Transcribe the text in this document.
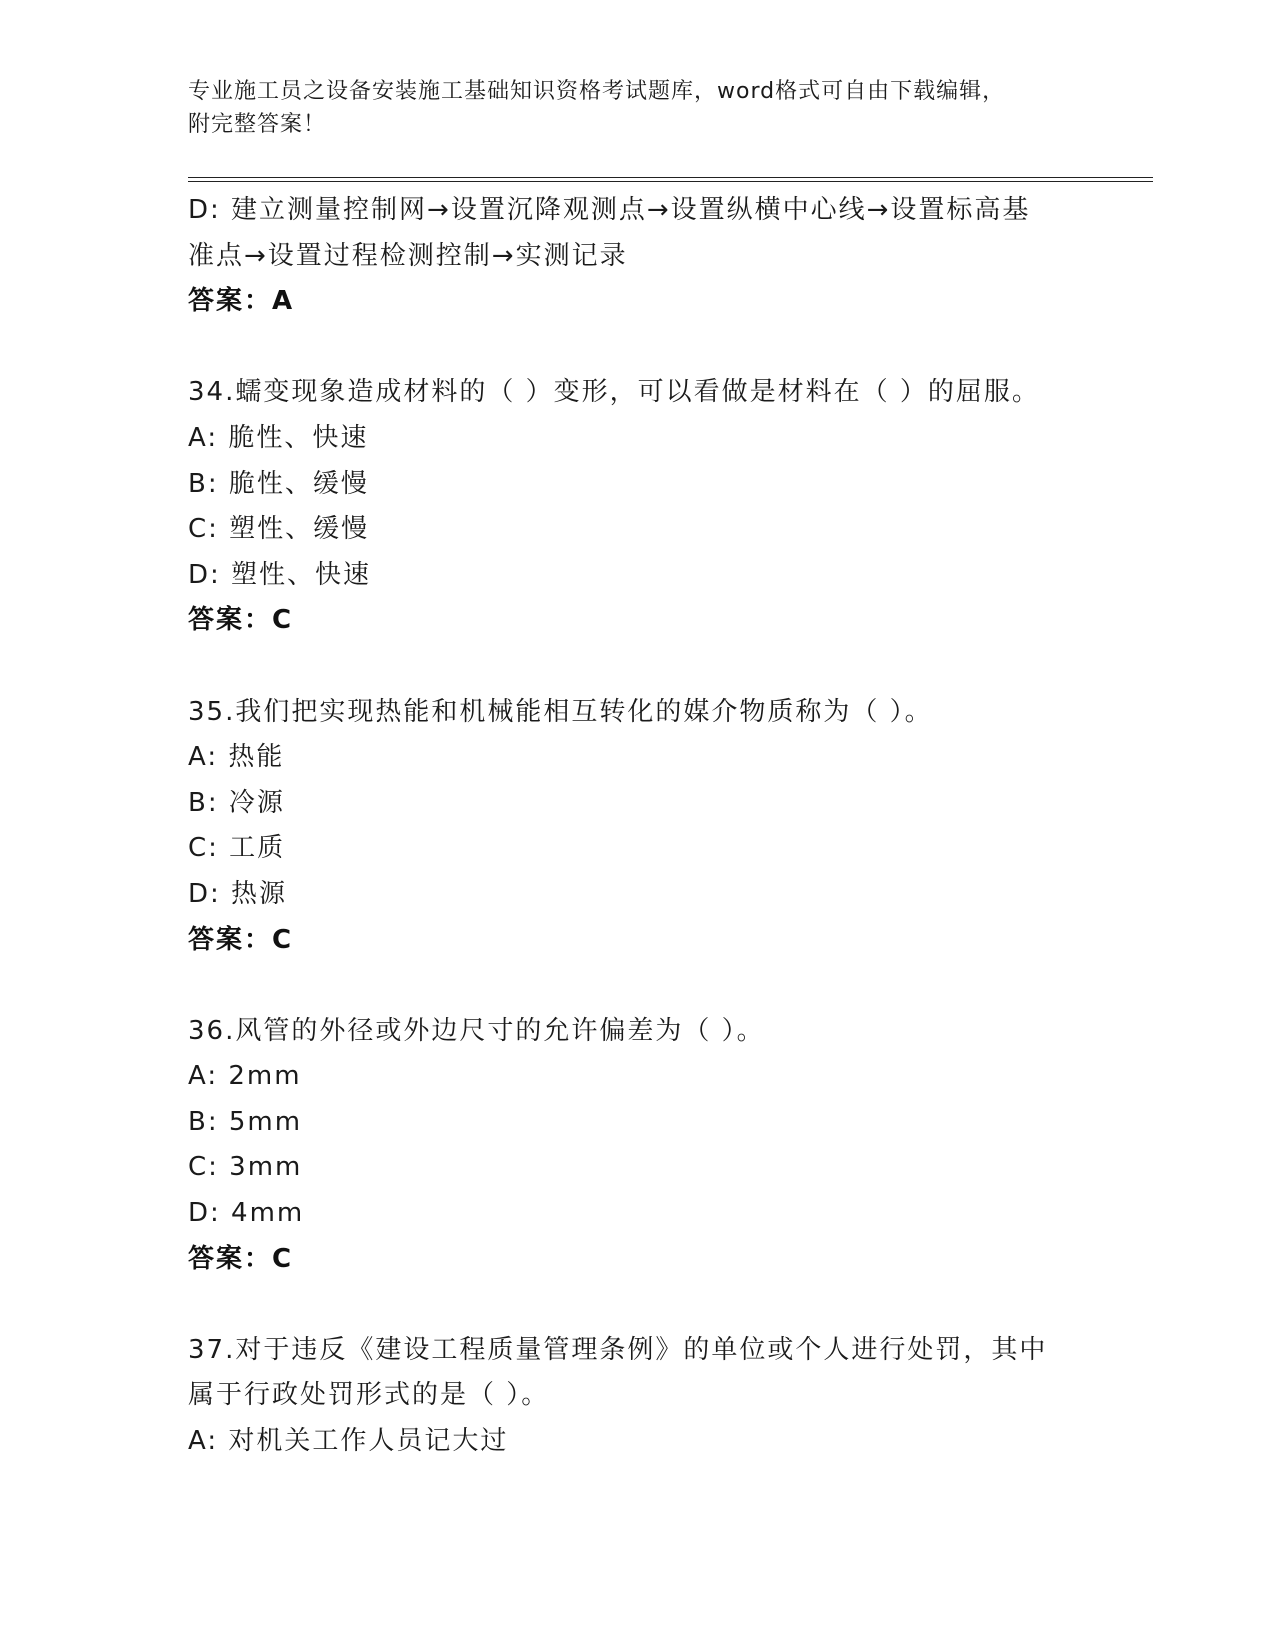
专业施工员之设备安装施工基础知识资格考试题库，word格式可自由下载编辑，
附完整答案！
D: 建立测量控制网→设置沉降观测点→设置纵横中心线→设置标高基
准点→设置过程检测控制→实测记录
答案：A
34.蠕变现象造成材料的（ ）变形，可以看做是材料在（ ）的屈服。
A: 脆性、快速
B: 脆性、缓慢
C: 塑性、缓慢
D: 塑性、快速
答案：C
35.我们把实现热能和机械能相互转化的媒介物质称为（ ）。
A: 热能
B: 冷源
C: 工质
D: 热源
答案：C
36.风管的外径或外边尺寸的允许偏差为（ ）。
A: 2mm
B: 5mm
C: 3mm
D: 4mm
答案：C
37.对于违反《建设工程质量管理条例》的单位或个人进行处罚，其中
属于行政处罚形式的是（ ）。
A: 对机关工作人员记大过
